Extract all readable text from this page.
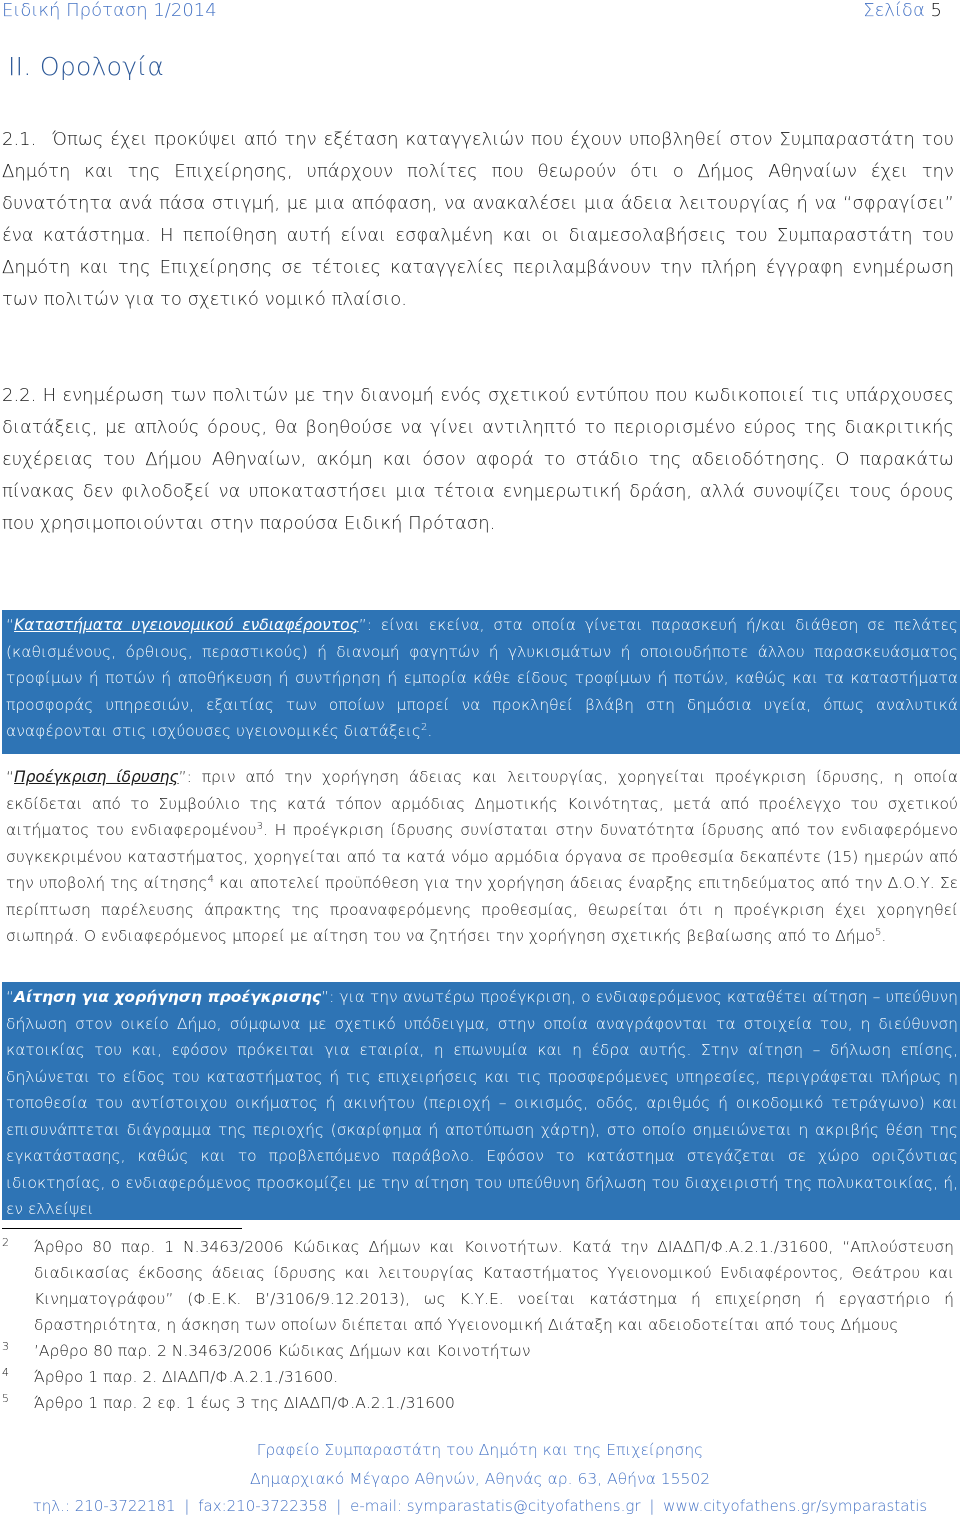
Ειδική Πρόταση 1/2014	Σελίδα 5
ΙΙ. Ορολογία
2.1. Όπως έχει προκύψει από την εξέταση καταγγελιών που έχουν υποβληθεί στον Συμπαραστάτη του Δημότη και της Επιχείρησης, υπάρχουν πολίτες που θεωρούν ότι ο Δήμος Αθηναίων έχει την δυνατότητα ανά πάσα στιγμή, με μια απόφαση, να ανακαλέσει μια άδεια λειτουργίας ή να “σφραγίσει” ένα κατάστημα. Η πεποίθηση αυτή είναι εσφαλμένη και οι διαμεσολαβήσεις του Συμπαραστάτη του Δημότη και της Επιχείρησης σε τέτοιες καταγγελίες περιλαμβάνουν την πλήρη έγγραφη ενημέρωση των πολιτών για το σχετικό νομικό πλαίσιο.
2.2. Η ενημέρωση των πολιτών με την διανομή ενός σχετικού εντύπου που κωδικοποιεί τις υπάρχουσες διατάξεις, με απλούς όρους, θα βοηθούσε να γίνει αντιληπτό το περιορισμένο εύρος της διακριτικής ευχέρειας του Δήμου Αθηναίων, ακόμη και όσον αφορά το στάδιο της αδειοδότησης. Ο παρακάτω πίνακας δεν φιλοδοξεί να υποκαταστήσει μια τέτοια ενημερωτική δράση, αλλά συνοψίζει τους όρους που χρησιμοποιούνται στην παρούσα Ειδική Πρόταση.
“Καταστήματα υγειονομικού ενδιαφέροντος”: είναι εκείνα, στα οποία γίνεται παρασκευή ή/και διάθεση σε πελάτες (καθισμένους, όρθιους, περαστικούς) ή διανομή φαγητών ή γλυκισμάτων ή οποιουδήποτε άλλου παρασκευάσματος τροφίμων ή ποτών ή αποθήκευση ή συντήρηση ή εμπορία κάθε είδους τροφίμων ή ποτών, καθώς και τα καταστήματα προσφοράς υπηρεσιών, εξαιτίας των οποίων μπορεί να προκληθεί βλάβη στη δημόσια υγεία, όπως αναλυτικά αναφέρονται στις ισχύουσες υγειονομικές διατάξεις$^2$.
“Προέγκριση ίδρυσης”: πριν από την χορήγηση άδειας και λειτουργίας, χορηγείται προέγκριση ίδρυσης, η οποία εκδίδεται από το Συμβούλιο της κατά τόπον αρμόδιας Δημοτικής Κοινότητας, μετά από προέλεγχο του σχετικού αιτήματος του ενδιαφερομένου$^3$. Η προέγκριση ίδρυσης συνίσταται στην δυνατότητα ίδρυσης από τον ενδιαφερόμενο συγκεκριμένου καταστήματος, χορηγείται από τα κατά νόμο αρμόδια όργανα σε προθεσμία δεκαπέντε (15) ημερών από την υποβολή της αίτησης$^4$ και αποτελεί προϋπόθεση για την χορήγηση άδειας έναρξης επιτηδεύματος από την Δ.Ο.Υ. Σε περίπτωση παρέλευσης άπρακτης της προαναφερόμενης προθεσμίας, θεωρείται ότι η προέγκριση έχει χορηγηθεί σιωπηρά. Ο ενδιαφερόμενος μπορεί με αίτηση του να ζητήσει την χορήγηση σχετικής βεβαίωσης από το Δήμο$^5$.
“Αίτηση για χορήγηση προέγκρισης”: για την ανωτέρω προέγκριση, ο ενδιαφερόμενος καταθέτει αίτηση – υπεύθυνη δήλωση στον οικείο Δήμο, σύμφωνα με σχετικό υπόδειγμα, στην οποία αναγράφονται τα στοιχεία του, η διεύθυνση κατοικίας του και, εφόσον πρόκειται για εταιρία, η επωνυμία και η έδρα αυτής. Στην αίτηση – δήλωση επίσης, δηλώνεται το είδος του καταστήματος ή τις επιχειρήσεις και τις προσφερόμενες υπηρεσίες, περιγράφεται πλήρως η τοποθεσία του αντίστοιχου οικήματος ή ακινήτου (περιοχή – οικισμός, οδός, αριθμός ή οικοδομικό τετράγωνο) και επισυνάπτεται διάγραμμα της περιοχής (σκαρίφημα ή αποτύπωση χάρτη), στο οποίο σημειώνεται η ακριβής θέση της εγκατάστασης, καθώς και το προβλεπόμενο παράβολο. Εφόσον το κατάστημα στεγάζεται σε χώρο οριζόντιας ιδιοκτησίας, ο ενδιαφερόμενος προσκομίζει με την αίτηση του υπεύθυνη δήλωση του διαχειριστή της πολυκατοικίας, ή, εν ελλείψει
2 Άρθρο 80 παρ. 1 Ν.3463/2006 Κώδικας Δήμων και Κοινοτήτων. Κατά την ΔΙΑΔΠ/Φ.Α.2.1./31600, “Απλούστευση διαδικασίας έκδοσης άδειας ίδρυσης και λειτουργίας Καταστήματος Υγειονομικού Ενδιαφέροντος, Θεάτρου και Κινηματογράφου” (Φ.Ε.Κ. Β’/3106/9.12.2013), ως Κ.Υ.Ε. νοείται κατάστημα ή επιχείρηση ή εργαστήριο ή δραστηριότητα, η άσκηση των οποίων διέπεται από Υγειονομική Διάταξη και αδειοδοτείται από τους Δήμους
3 ’Αρθρο 80 παρ. 2 Ν.3463/2006 Κώδικας Δήμων και Κοινοτήτων
4 Άρθρο 1 παρ. 2. ΔΙΑΔΠ/Φ.Α.2.1./31600.
5 Άρθρο 1 παρ. 2 εφ. 1 έως 3 της ΔΙΑΔΠ/Φ.Α.2.1./31600
Γραφείο Συμπαραστάτη του Δημότη και της Επιχείρησης
Δημαρχιακό Μέγαρο Αθηνών, Αθηνάς αρ. 63, Αθήνα 15502
τηλ.: 210-3722181 | fax:210-3722358 | e-mail: symparastatis@cityofathens.gr | www.cityofathens.gr/symparastatis
